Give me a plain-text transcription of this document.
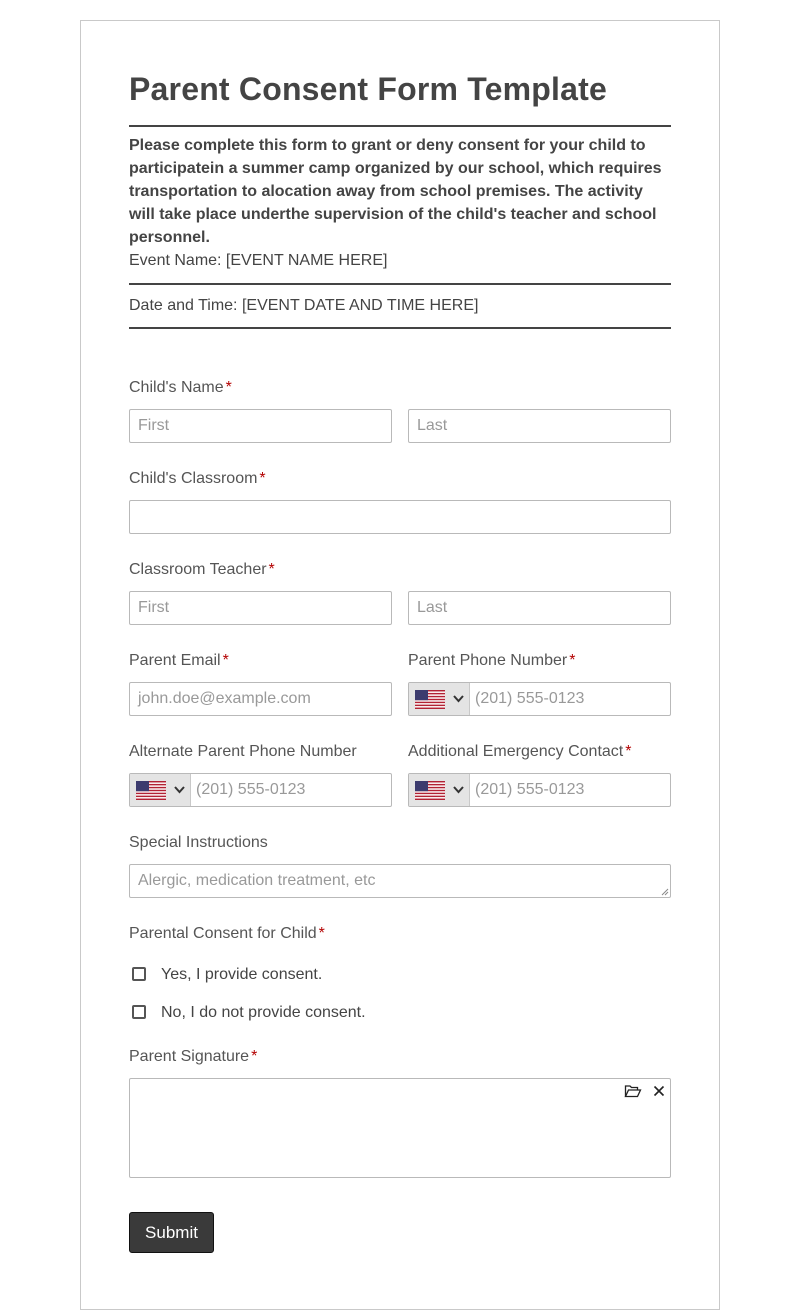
Parent Consent Form Template
Please complete this form to grant or deny consent for your child to participatein a summer camp organized by our school, which requires transportation to alocation away from school premises. The activity will take place underthe supervision of the child's teacher and school personnel.
Event Name: [EVENT NAME HERE]
Date and Time: [EVENT DATE AND TIME HERE]
Child's Name *
First	Last
Child's Classroom *
Classroom Teacher *
First	Last
Parent Email *
john.doe@example.com
Parent Phone Number *
(201) 555-0123
Alternate Parent Phone Number
(201) 555-0123
Additional Emergency Contact *
(201) 555-0123
Special Instructions
Alergic, medication treatment, etc
Parental Consent for Child *
Yes, I provide consent.
No, I do not provide consent.
Parent Signature *
Submit
